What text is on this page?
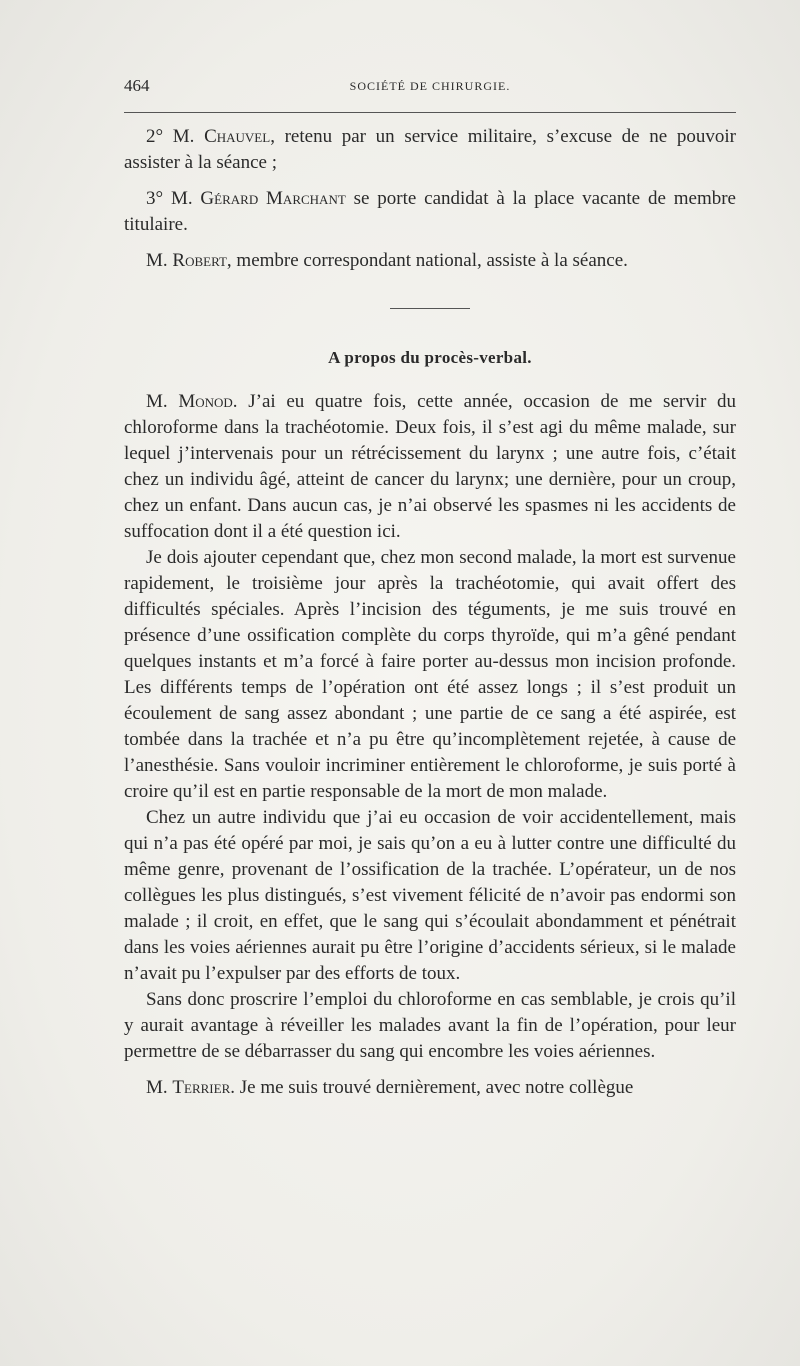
464	SOCIÉTÉ DE CHIRURGIE.

2° M. Chauvel, retenu par un service militaire, s’excuse de ne pouvoir assister à la séance ;

3° M. Gérard Marchant se porte candidat à la place vacante de membre titulaire.

M. Robert, membre correspondant national, assiste à la séance.

A propos du procès-verbal.

M. Monod. J’ai eu quatre fois, cette année, occasion de me servir du chloroforme dans la trachéotomie. Deux fois, il s’est agi du même malade, sur lequel j’intervenais pour un rétrécissement du larynx ; une autre fois, c’était chez un individu âgé, atteint de cancer du larynx; une dernière, pour un croup, chez un enfant. Dans aucun cas, je n’ai observé les spasmes ni les accidents de suffocation dont il a été question ici.

Je dois ajouter cependant que, chez mon second malade, la mort est survenue rapidement, le troisième jour après la trachéotomie, qui avait offert des difficultés spéciales. Après l’incision des téguments, je me suis trouvé en présence d’une ossification complète du corps thyroïde, qui m’a gêné pendant quelques instants et m’a forcé à faire porter au-dessus mon incision profonde. Les différents temps de l’opération ont été assez longs ; il s’est produit un écoulement de sang assez abondant ; une partie de ce sang a été aspirée, est tombée dans la trachée et n’a pu être qu’incomplètement rejetée, à cause de l’anesthésie. Sans vouloir incriminer entièrement le chloroforme, je suis porté à croire qu’il est en partie responsable de la mort de mon malade.

Chez un autre individu que j’ai eu occasion de voir accidentellement, mais qui n’a pas été opéré par moi, je sais qu’on a eu à lutter contre une difficulté du même genre, provenant de l’ossification de la trachée. L’opérateur, un de nos collègues les plus distingués, s’est vivement félicité de n’avoir pas endormi son malade ; il croit, en effet, que le sang qui s’écoulait abondamment et pénétrait dans les voies aériennes aurait pu être l’origine d’accidents sérieux, si le malade n’avait pu l’expulser par des efforts de toux.

Sans donc proscrire l’emploi du chloroforme en cas semblable, je crois qu’il y aurait avantage à réveiller les malades avant la fin de l’opération, pour leur permettre de se débarrasser du sang qui encombre les voies aériennes.

M. Terrier. Je me suis trouvé dernièrement, avec notre collègue
